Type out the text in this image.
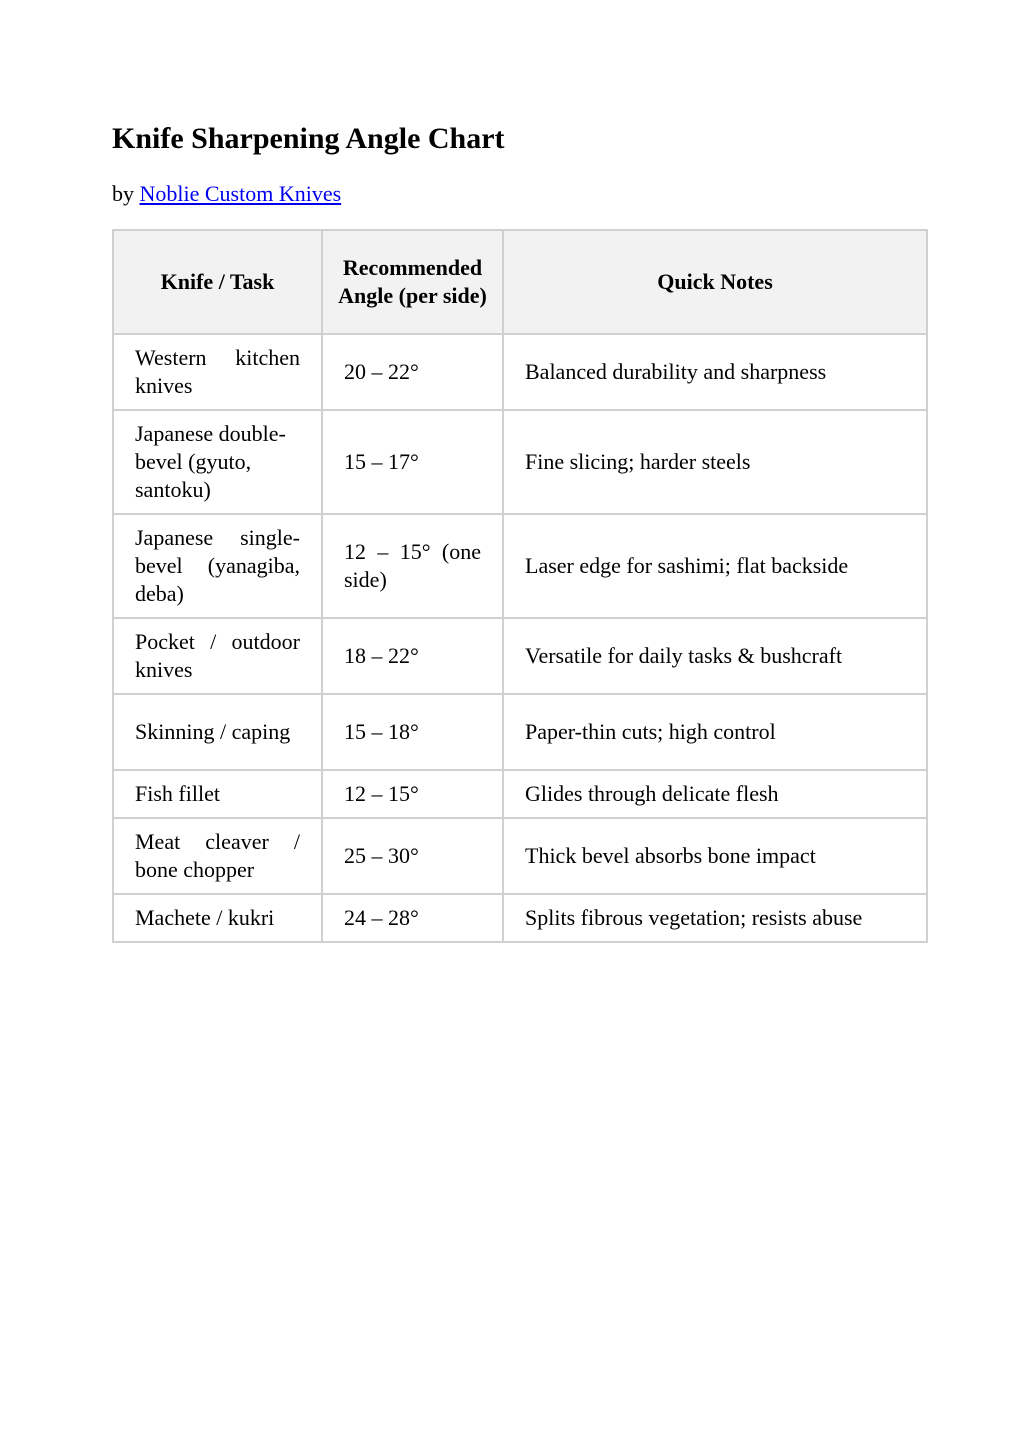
Knife Sharpening Angle Chart
by Noblie Custom Knives
Knife / Task	Recommended Angle (per side)	Quick Notes
Western kitchen knives	20 – 22°	Balanced durability and sharpness
Japanese double-bevel (gyuto, santoku)	15 – 17°	Fine slicing; harder steels
Japanese single-bevel (yanagiba, deba)	12 – 15° (one side)	Laser edge for sashimi; flat backside
Pocket / outdoor knives	18 – 22°	Versatile for daily tasks & bushcraft
Skinning / caping	15 – 18°	Paper-thin cuts; high control
Fish fillet	12 – 15°	Glides through delicate flesh
Meat cleaver / bone chopper	25 – 30°	Thick bevel absorbs bone impact
Machete / kukri	24 – 28°	Splits fibrous vegetation; resists abuse
